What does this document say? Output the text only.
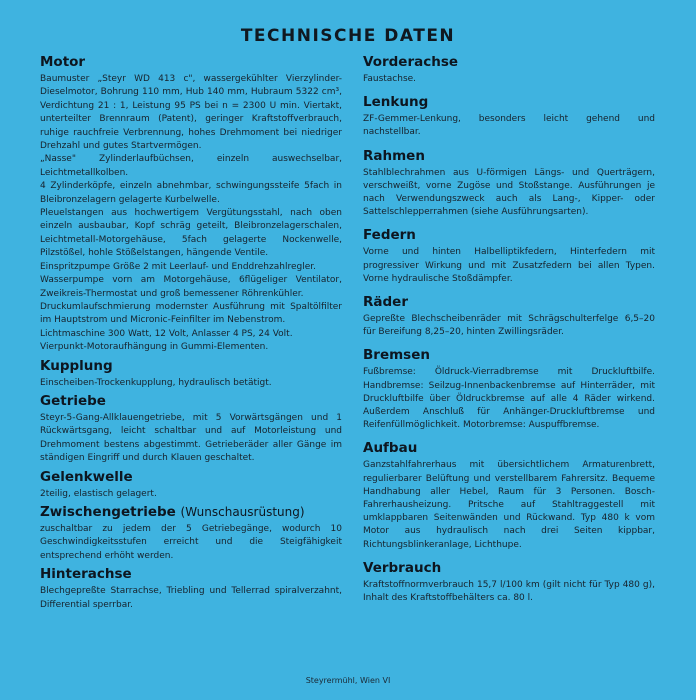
TECHNISCHE DATEN
Motor

Baumuster „Steyr WD 413 c", wassergekühlter Vierzylinder-Dieselmotor, Bohrung 110 mm, Hub 140 mm, Hubraum 5322 cm³, Verdichtung 21 : 1, Leistung 95 PS bei n = 2300 U min. Viertakt, unterteilter Brennraum (Patent), geringer Kraftstoffverbrauch, ruhige rauchfreie Verbrennung, hohes Drehmoment bei niedriger Drehzahl und gutes Startvermögen.

„Nasse" Zylinderlaufbüchsen, einzeln auswechselbar, Leichtmetallkolben.

4 Zylinderköpfe, einzeln abnehmbar, schwingungssteife 5fach in Bleibronzelagern gelagerte Kurbelwelle.

Pleuelstangen aus hochwertigem Vergütungsstahl, nach oben einzeln ausbaubar, Kopf schräg geteilt, Bleibronzelagerschalen, Leichtmetall-Motorgehäuse, 5fach gelagerte Nockenwelle, Pilzstößel, hohle Stößelstangen, hängende Ventile.

Einspritzpumpe Größe 2 mit Leerlauf- und Enddrehzahlregler.

Wasserpumpe vorn am Motorgehäuse, 6flügeliger Ventilator, Zweikreis-Thermostat und groß bemessener Röhrenkühler.

Druckumlaufschmierung modernster Ausführung mit Spaltölfilter im Hauptstrom und Micronic-Feinfilter im Nebenstrom.

Lichtmaschine 300 Watt, 12 Volt, Anlasser 4 PS, 24 Volt.

Vierpunkt-Motoraufhängung in Gummi-Elementen.

Kupplung

Einscheiben-Trockenkupplung, hydraulisch betätigt.

Getriebe

Steyr-5-Gang-Allklauengetriebe, mit 5 Vorwärtsgängen und 1 Rückwärtsgang, leicht schaltbar und auf Motorleistung und Drehmoment bestens abgestimmt. Getrieberäder aller Gänge im ständigen Eingriff und durch Klauen geschaltet.

Gelenkwelle

2teilig, elastisch gelagert.

Zwischengetriebe (Wunschausrüstung)

zuschaltbar zu jedem der 5 Getriebegänge, wodurch 10 Geschwindigkeitsstufen erreicht und die Steigfähigkeit entsprechend erhöht werden.

Hinterachse

Blechgepreßte Starrachse, Triebling und Tellerrad spiralverzahnt, Differential sperrbar.

Vorderachse

Faustachse.

Lenkung

ZF-Gemmer-Lenkung, besonders leicht gehend und nachstellbar.

Rahmen

Stahlblechrahmen aus U-förmigen Längs- und Querträgern, verschweißt, vorne Zugöse und Stoßstange. Ausführungen je nach Verwendungszweck auch als Lang-, Kipper- oder Sattelschlepperrahmen (siehe Ausführungsarten).

Federn

Vorne und hinten Halbelliptikfedern, Hinterfedern mit progressiver Wirkung und mit Zusatzfedern bei allen Typen. Vorne hydraulische Stoßdämpfer.

Räder

Gepreßte Blechscheibenräder mit Schrägschulterfelge 6,5–20 für Bereifung 8,25–20, hinten Zwillingsräder.

Bremsen

Fußbremse: Öldruck-Vierradbremse mit Druckluftbilfe. Handbremse: Seilzug-Innenbackenbremse auf Hinterräder, mit Druckluftbilfe über Öldruckbremse auf alle 4 Räder wirkend. Außerdem Anschluß für Anhänger-Druckluftbremse und Reifenfüllmöglichkeit. Motorbremse: Auspuffbremse.

Aufbau

Ganzstahlfahrerhaus mit übersichtlichem Armaturenbrett, regulierbarer Belüftung und verstellbarem Fahrersitz. Bequeme Handhabung aller Hebel, Raum für 3 Personen. Bosch-Fahrerhausheizung. Pritsche auf Stahltraggestell mit umklappbaren Seitenwänden und Rückwand. Typ 480 k vom Motor aus hydraulisch nach drei Seiten kippbar, Richtungsblinkeranlage, Lichthupe.

Verbrauch

Kraftstoffnormverbrauch 15,7 l/100 km (gilt nicht für Typ 480 g), Inhalt des Kraftstoffbehälters ca. 80 l.

Steyrermühl, Wien VI
